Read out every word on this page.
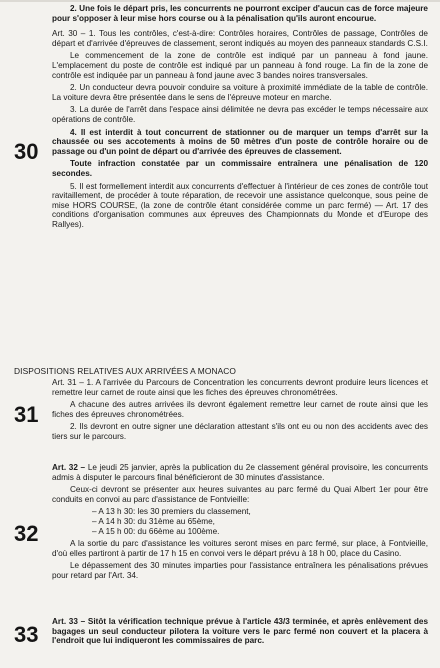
30

2. Une fois le départ pris, les concurrents ne pourront exciper d'aucun cas de force majeure pour s'opposer à leur mise hors course ou à la pénalisation qu'ils auront encourue.

Art. 30 – 1. Tous les contrôles, c'est-à-dire: Contrôles horaires, Contrôles de passage, Contrôles de départ et d'arrivée d'épreuves de classement, seront indiqués au moyen des panneaux standards C.S.I.

Le commencement de la zone de contrôle est indiqué par un panneau à fond jaune. L'emplacement du poste de contrôle est indiqué par un panneau à fond rouge. La fin de la zone de contrôle est indiquée par un panneau à fond jaune avec 3 bandes noires transversales.

2. Un conducteur devra pouvoir conduire sa voiture à proximité immédiate de la table de contrôle. La voiture devra être présentée dans le sens de l'épreuve moteur en marche.

3. La durée de l'arrêt dans l'espace ainsi délimitée ne devra pas excéder le temps nécessaire aux opérations de contrôle.

4. Il est interdit à tout concurrent de stationner ou de marquer un temps d'arrêt sur la chaussée ou ses accotements à moins de 50 mètres d'un poste de contrôle horaire ou de passage ou d'un point de départ ou d'arrivée des épreuves de classement.

Toute infraction constatée par un commissaire entraînera une pénalisation de 120 secondes.

5. Il est formellement interdit aux concurrents d'effectuer à l'intérieur de ces zones de contrôle tout ravitaillement, de procéder à toute réparation, de recevoir une assistance quelconque, sous peine de mise HORS COURSE, (la zone de contrôle étant considérée comme un parc fermé) — Art. 17 des conditions d'organisation communes aux épreuves des Championnats du Monde et d'Europe des Rallyes).

DISPOSITIONS RELATIVES AUX ARRIVÉES A MONACO
31

Art. 31 – 1. A l'arrivée du Parcours de Concentration les concurrents devront produire leurs licences et remettre leur carnet de route ainsi que les fiches des épreuves chronométrées.

A chacune des autres arrivées ils devront également remettre leur carnet de route ainsi que les fiches des épreuves chronométrées.

2. Ils devront en outre signer une déclaration attestant s'ils ont eu ou non des accidents avec des tiers sur le parcours.

32

Art. 32 – Le jeudi 25 janvier, après la publication du 2e classement général provisoire, les concurrents admis à disputer le parcours final bénéficieront de 30 minutes d'assistance.

Ceux-ci devront se présenter aux heures suivantes au parc fermé du Quai Albert 1er pour être conduits en convoi au parc d'assistance de Fontvieille:

– A 13 h 30: les 30 premiers du classement,
– A 14 h 30: du 31ème au 65ème,
– A 15 h 00: du 66ème au 100ème.

A la sortie du parc d'assistance les voitures seront mises en parc fermé, sur place, à Fontvieille, d'où elles partiront à partir de 17 h 15 en convoi vers le départ prévu à 18 h 00, place du Casino.

Le dépassement des 30 minutes imparties pour l'assistance entraînera les pénalisations prévues pour retard par l'Art. 34.

33

Art. 33 – Sitôt la vérification technique prévue à l'article 43/3 terminée, et après enlèvement des bagages un seul conducteur pilotera la voiture vers le parc fermé non couvert et la placera à l'endroit que lui indiqueront les commissaires de parc.
